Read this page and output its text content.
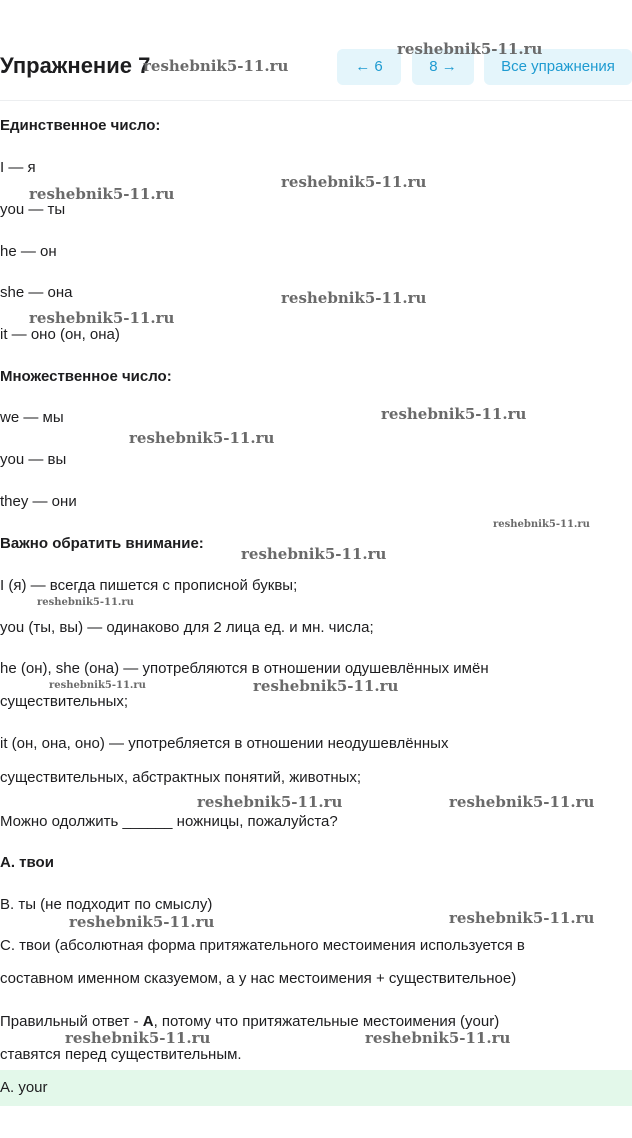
Упражнение 7	← 6	8 →	Все упражнения
Единственное число:
I — я
you — ты
he — он
she — она
it — оно (он, она)
Множественное число:
we — мы
you — вы
they — они
Важно обратить внимание:
I (я) — всегда пишется с прописной буквы;
you (ты, вы) — одинаково для 2 лица ед. и мн. числа;
he (он), she (она) — употребляются в отношении одушевлённых имён
существительных;
it (он, она, оно) — употребляется в отношении неодушевлённых
существительных, абстрактных понятий, животных;
Можно одолжить ______ ножницы, пожалуйста?
A. твои
B. ты (не подходит по смыслу)
C. твои (абсолютная форма притяжательного местоимения используется в
составном именном сказуемом, а у нас местоимения + существительное)
Правильный ответ - A, потому что притяжательные местоимения (your)
ставятся перед существительным.
A. your
reshebnik5-11.ru
reshebnik5-11.ru
reshebnik5-11.ru
reshebnik5-11.ru
reshebnik5-11.ru
reshebnik5-11.ru
reshebnik5-11.ru
reshebnik5-11.ru
reshebnik5-11.ru
reshebnik5-11.ru
reshebnik5-11.ru
reshebnik5-11.ru	reshebnik5-11.ru
reshebnik5-11.ru	reshebnik5-11.ru
reshebnik5-11.ru	reshebnik5-11.ru
reshebnik5-11.ru	reshebnik5-11.ru
